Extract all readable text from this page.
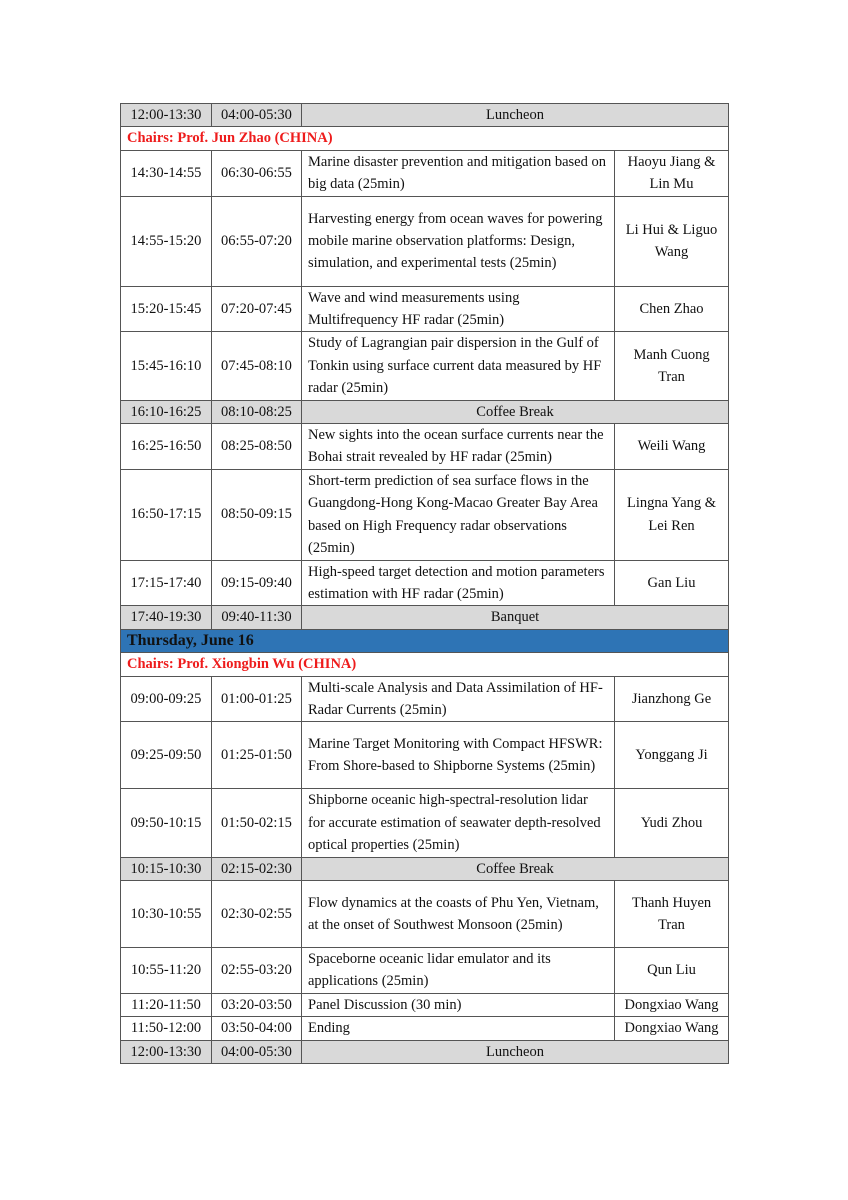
12:00-13:30	04:00-05:30	Luncheon	
Chairs: Prof. Jun Zhao (CHINA)			
14:30-14:55	06:30-06:55	Marine disaster prevention and mitigation based on big data (25min)	Haoyu Jiang & Lin Mu
14:55-15:20	06:55-07:20	Harvesting energy from ocean waves for powering mobile marine observation platforms: Design, simulation, and experimental tests (25min)	Li Hui & Liguo Wang
15:20-15:45	07:20-07:45	Wave and wind measurements using Multifrequency HF radar (25min)	Chen Zhao
15:45-16:10	07:45-08:10	Study of Lagrangian pair dispersion in the Gulf of Tonkin using surface current data measured by HF radar (25min)	Manh Cuong Tran
16:10-16:25	08:10-08:25	Coffee Break	
16:25-16:50	08:25-08:50	New sights into the ocean surface currents near the Bohai strait revealed by HF radar (25min)	Weili Wang
16:50-17:15	08:50-09:15	Short-term prediction of sea surface flows in the Guangdong-Hong Kong-Macao Greater Bay Area based on High Frequency radar observations (25min)	Lingna Yang & Lei Ren
17:15-17:40	09:15-09:40	High-speed target detection and motion parameters estimation with HF radar (25min)	Gan Liu
17:40-19:30	09:40-11:30	Banquet	
Thursday, June 16			
Chairs: Prof. Xiongbin Wu (CHINA)			
09:00-09:25	01:00-01:25	Multi-scale Analysis and Data Assimilation of HF-Radar Currents (25min)	Jianzhong Ge
09:25-09:50	01:25-01:50	Marine Target Monitoring with Compact HFSWR: From Shore-based to Shipborne Systems (25min)	Yonggang Ji
09:50-10:15	01:50-02:15	Shipborne oceanic high-spectral-resolution lidar for accurate estimation of seawater depth-resolved optical properties (25min)	Yudi Zhou
10:15-10:30	02:15-02:30	Coffee Break	
10:30-10:55	02:30-02:55	Flow dynamics at the coasts of Phu Yen, Vietnam, at the onset of Southwest Monsoon (25min)	Thanh Huyen Tran
10:55-11:20	02:55-03:20	Spaceborne oceanic lidar emulator and its applications (25min)	Qun Liu
11:20-11:50	03:20-03:50	Panel Discussion (30 min)	Dongxiao Wang
11:50-12:00	03:50-04:00	Ending	Dongxiao Wang
12:00-13:30	04:00-05:30	Luncheon	
